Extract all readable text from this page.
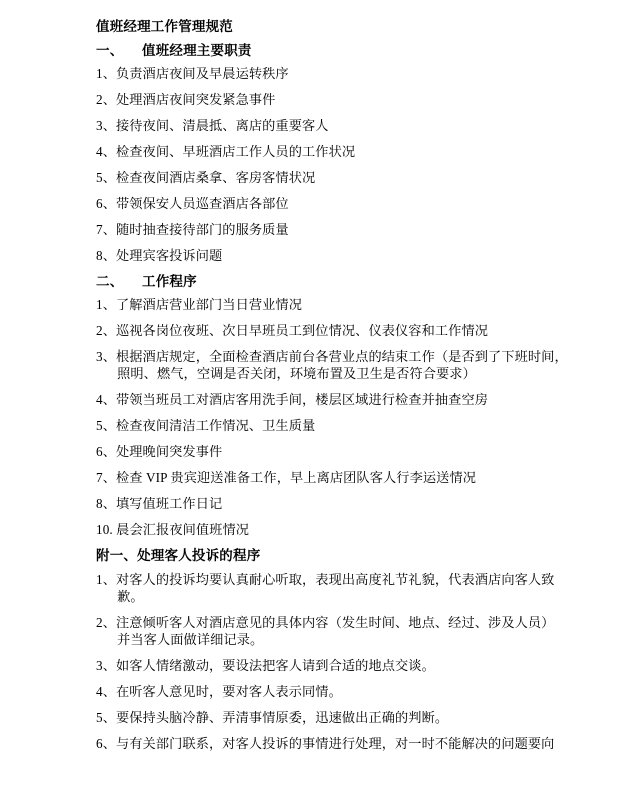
值班经理工作管理规范
一、 值班经理主要职责
1、负责酒店夜间及早晨运转秩序
2、处理酒店夜间突发紧急事件
3、接待夜间、清晨抵、离店的重要客人
4、检查夜间、早班酒店工作人员的工作状况
5、检查夜间酒店桑拿、客房客情状况
6、带领保安人员巡查酒店各部位
7、随时抽查接待部门的服务质量
8、处理宾客投诉问题
二、 工作程序
1、了解酒店营业部门当日营业情况
2、巡视各岗位夜班、次日早班员工到位情况、仪表仪容和工作情况
3、根据酒店规定，全面检查酒店前台各营业点的结束工作（是否到了下班时间，
照明、燃气，空调是否关闭，环境布置及卫生是否符合要求）
4、带领当班员工对酒店客用洗手间，楼层区域进行检查并抽查空房
5、检查夜间清洁工作情况、卫生质量
6、处理晚间突发事件
7、检查 VIP 贵宾迎送准备工作，早上离店团队客人行李运送情况
8、填写值班工作日记
10. 晨会汇报夜间值班情况
附一、处理客人投诉的程序
1、对客人的投诉均要认真耐心听取，表现出高度礼节礼貌，代表酒店向客人致
歉。
2、注意倾听客人对酒店意见的具体内容（发生时间、地点、经过、涉及人员）
并当客人面做详细记录。
3、如客人情绪激动，要设法把客人请到合适的地点交谈。
4、在听客人意见时，要对客人表示同情。
5、要保持头脑冷静、弄清事情原委，迅速做出正确的判断。
6、与有关部门联系，对客人投诉的事情进行处理，对一时不能解决的问题要向
